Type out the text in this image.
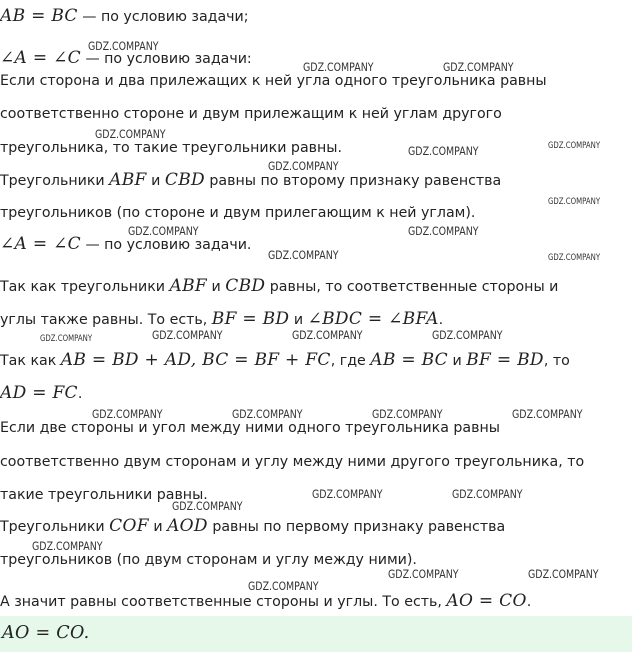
AB = BC — по условию задачи;
∠A = ∠C — по условию задачи:
Если сторона и два прилежащих к ней угла одного треугольника равны
соответственно стороне и двум прилежащим к ней углам другого
треугольника, то такие треугольники равны.
Треугольники ABF и CBD равны по второму признаку равенства
треугольников (по стороне и двум прилегающим к ней углам).
∠A = ∠C — по условию задачи.
Так как треугольники ABF и CBD равны, то соответственные стороны и
углы также равны. То есть, BF = BD и ∠BDC = ∠BFA.
Так как AB = BD + AD, BC = BF + FC, где AB = BC и BF = BD, то
AD = FC.
Если две стороны и угол между ними одного треугольника равны
соответственно двум сторонам и углу между ними другого треугольника, то
такие треугольники равны.
Треугольники COF и AOD равны по первому признаку равенства
треугольников (по двум сторонам и углу между ними).
А значит равны соответственные стороны и углы. То есть, AO = CO.
AO = CO.
GDZ.COMPANY
GDZ.COMPANY	GDZ.COMPANY
GDZ.COMPANY
GDZ.COMPANY	GDZ.COMPANY
GDZ.COMPANY
GDZ.COMPANY
GDZ.COMPANY	GDZ.COMPANY
GDZ.COMPANY	GDZ.COMPANY
GDZ.COMPANY	GDZ.COMPANY	GDZ.COMPANY	GDZ.COMPANY
GDZ.COMPANY	GDZ.COMPANY	GDZ.COMPANY	GDZ.COMPANY
GDZ.COMPANY	GDZ.COMPANY
GDZ.COMPANY
GDZ.COMPANY
GDZ.COMPANY	GDZ.COMPANY
GDZ.COMPANY
